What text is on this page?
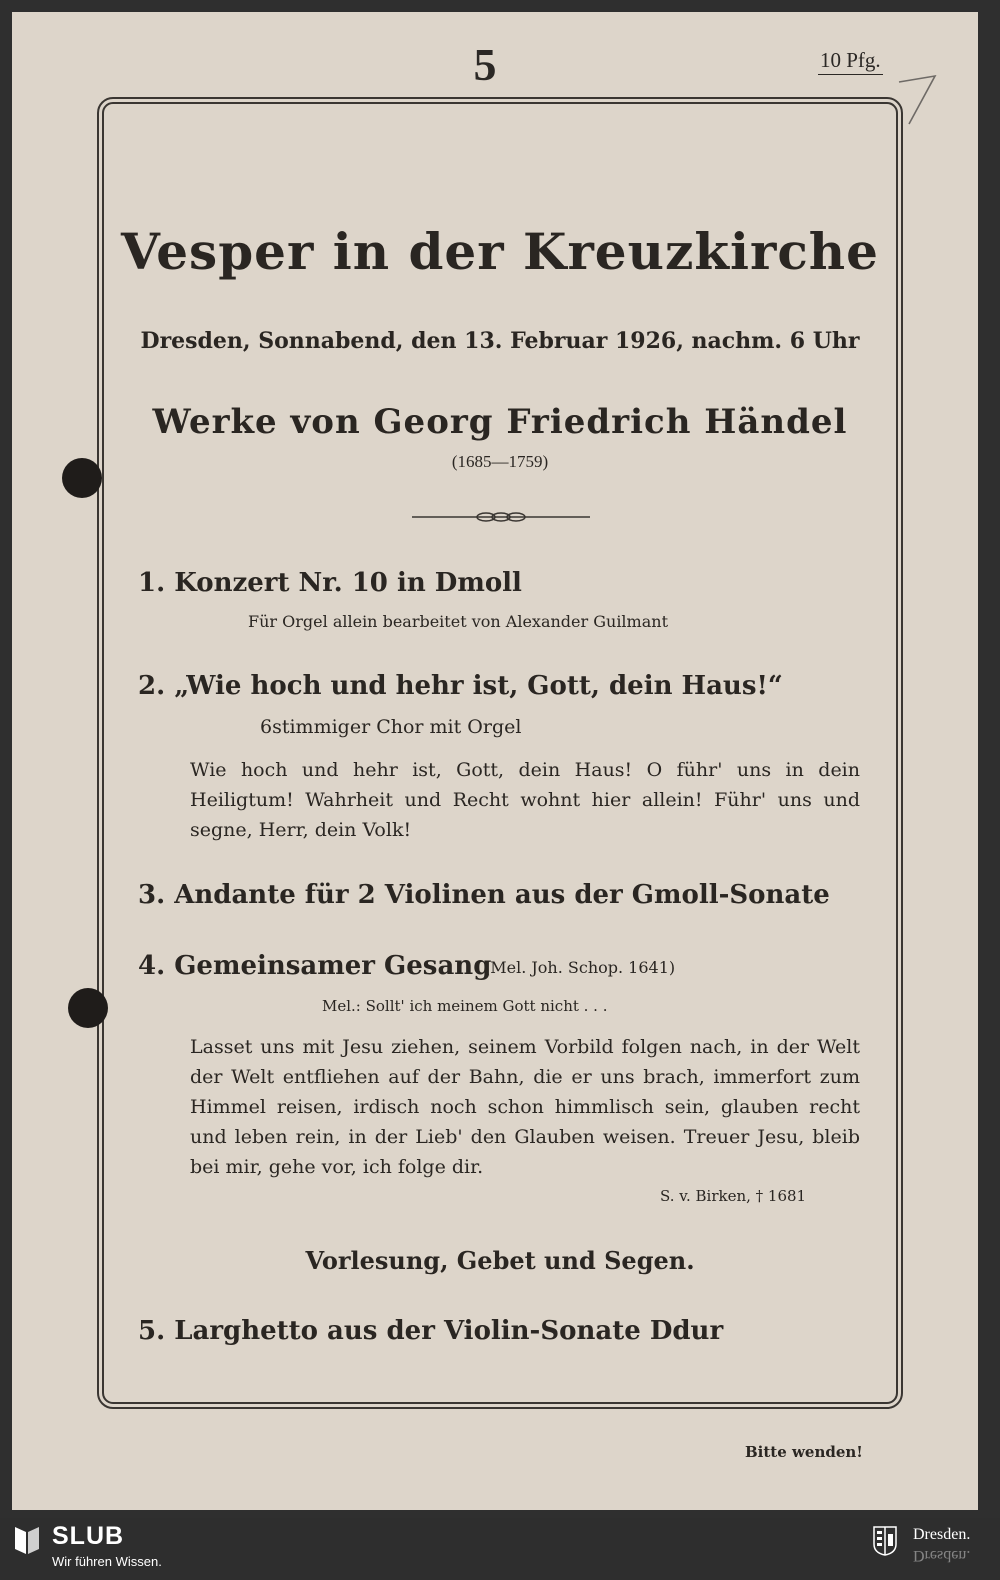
5	10 Pfg.
Vesper in der Kreuzkirche
Dresden, Sonnabend, den 13. Februar 1926, nachm. 6 Uhr
Werke von Georg Friedrich Händel
(1685—1759)
1. Konzert Nr. 10 in Dmoll
Für Orgel allein bearbeitet von Alexander Guilmant
2. „Wie hoch und hehr ist, Gott, dein Haus!“
6stimmiger Chor mit Orgel
Wie hoch und hehr ist, Gott, dein Haus! O führ' uns in dein Heiligtum! Wahrheit und Recht wohnt hier allein! Führ' uns und segne, Herr, dein Volk!
3. Andante für 2 Violinen aus der Gmoll-Sonate
4. Gemeinsamer Gesang
(Mel. Joh. Schop. 1641)
Mel.: Sollt' ich meinem Gott nicht . . .
Lasset uns mit Jesu ziehen, seinem Vorbild folgen nach, in der Welt der Welt entfliehen auf der Bahn, die er uns brach, immerfort zum Himmel reisen, irdisch noch schon himmlisch sein, glauben recht und leben rein, in der Lieb' den Glauben weisen. Treuer Jesu, bleib bei mir, gehe vor, ich folge dir.
S. v. Birken, † 1681
Vorlesung, Gebet und Segen.
5. Larghetto aus der Violin-Sonate Ddur
Bitte wenden!
SLUB
Wir führen Wissen.
Dresden.
Dresden.
